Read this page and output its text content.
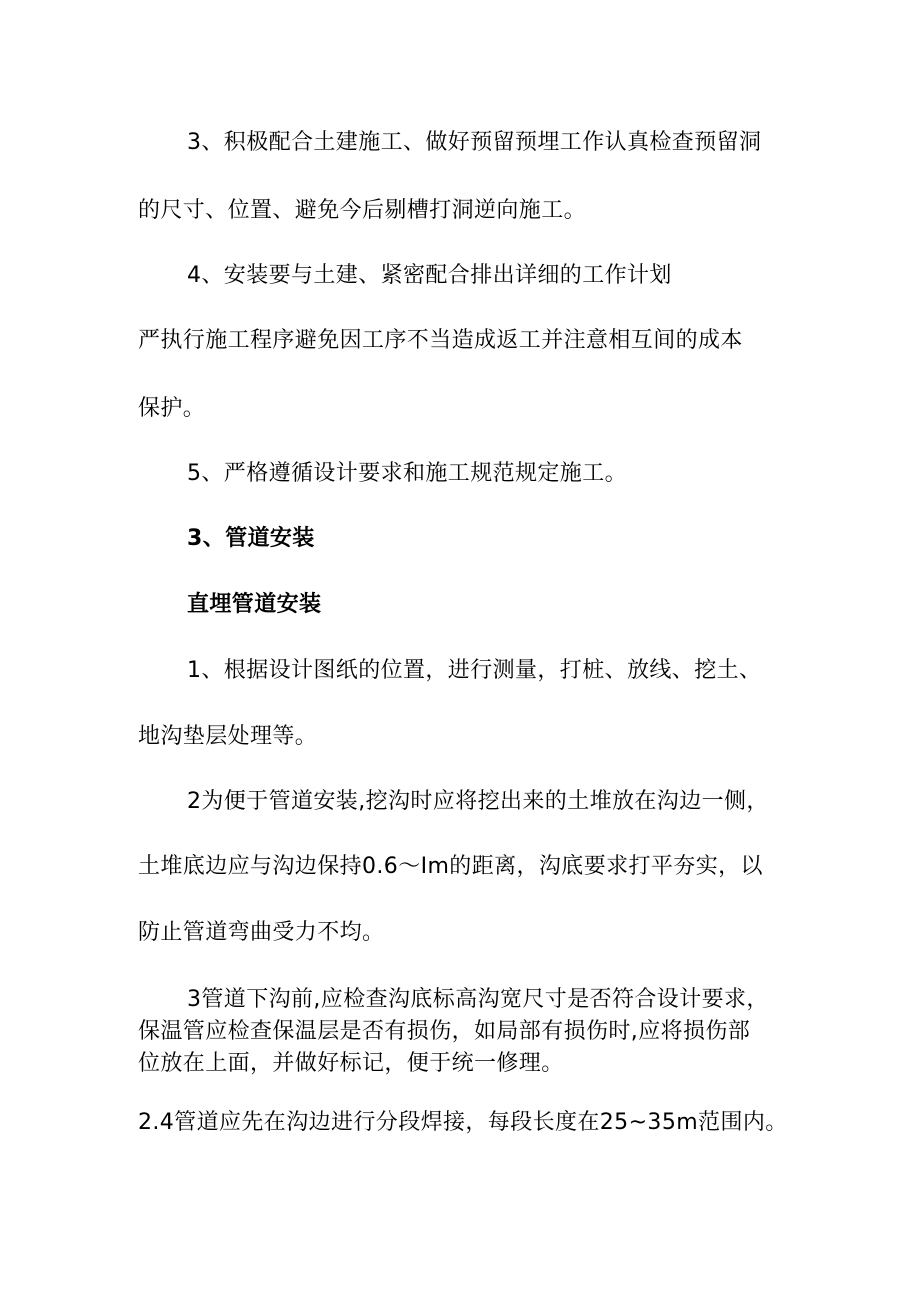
3、积极配合土建施工、做好预留预埋工作认真检查预留洞
的尺寸、位置、避免今后剔槽打洞逆向施工。
4、安装要与土建、紧密配合排出详细的工作计划
严执行施工程序避免因工序不当造成返工并注意相互间的成本
保护。
5、严格遵循设计要求和施工规范规定施工。
3、管道安装
直埋管道安装
1、根据设计图纸的位置，进行测量，打桩、放线、挖土、
地沟垫层处理等。
2为便于管道安装,挖沟时应将挖出来的土堆放在沟边一侧，
土堆底边应与沟边保持0.6～Im的距离，沟底要求打平夯实，以
防止管道弯曲受力不均。
3管道下沟前,应检查沟底标高沟宽尺寸是否符合设计要求，
保温管应检查保温层是否有损伤，如局部有损伤时,应将损伤部
位放在上面，并做好标记，便于统一修理。
2.4管道应先在沟边进行分段焊接，每段长度在25~35m范围内。
